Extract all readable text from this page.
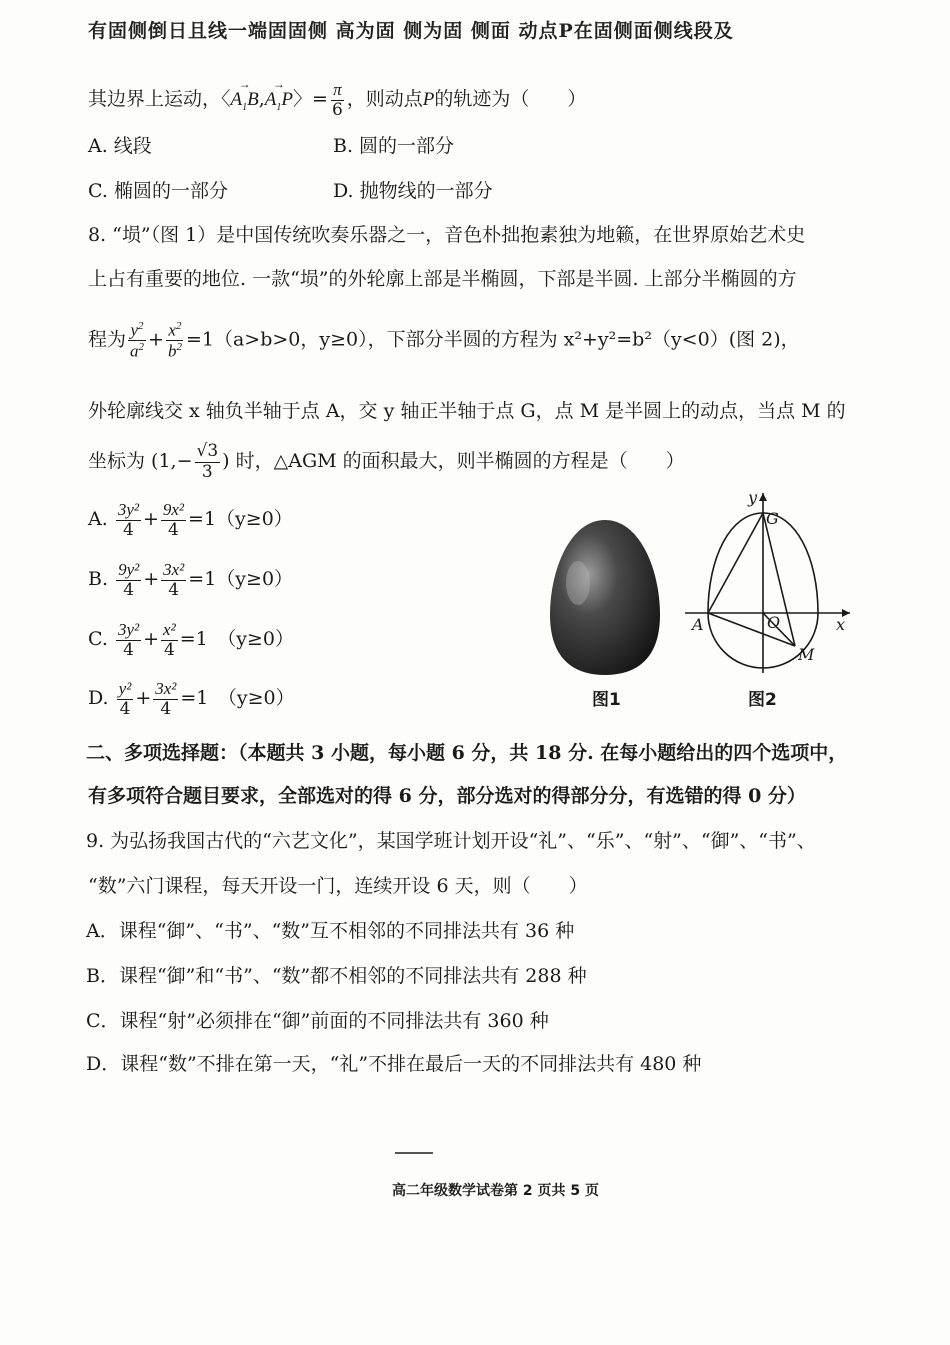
有固侧倒日且线一端固固侧 高为固 侧为固 侧面 动点P在固侧面侧线段及
其边界上运动，〈→ $A_1B,\to A_1P$〉= $\frac{\pi}{6}$ ，则动点P的轨迹为（　　）
A. 线段	B. 圆的一部分
C. 椭圆的一部分	D. 抛物线的一部分
8. “埙”（图 1）是中国传统吹奏乐器之一，音色朴拙抱素独为地籁，在世界原始艺术史
上占有重要的地位. 一款“埙”的外轮廓上部是半椭圆，下部是半圆. 上部分半椭圆的方
程为 $\frac{y^2}{a^2} + \frac{x^2}{b^2} =1(a>b>0$，y≥0），下部分半圆的方程为 x²+y²=b²（y<0）(图 2)，
外轮廓线交 x 轴负半轴于点 A，交 y 轴正半轴于点 G，点 M 是半圆上的动点，当点 M 的
坐标为 ($1,- \frac{√3}{3}$ ) 时，△AGM 的面积最大，则半椭圆的方程是（　　）
A. $\frac{\text{3y²}}{4} + \frac{\text{9x²}}{4} =1(y\ge 0)$
B. $\frac{\text{9y²}}{4} + \frac{\text{3x²}}{4} =1(y\ge 0)$
C. $\frac{\text{3y²}}{4} + \frac{\text{x²}}{4} =1$　（y≥0）
D. $\frac{\text{y²}}{4} + \frac{\text{3x²}}{4} =1$　（y≥0）	图1
y
G
A	O	x
M
图2
二、多项选择题：（本题共 3 小题，每小题 6 分，共 18 分. 在每小题给出的四个选项中，
有多项符合题目要求，全部选对的得 6 分，部分选对的得部分分，有选错的得 0 分）
9. 为弘扬我国古代的“六艺文化”，某国学班计划开设“礼”、“乐”、“射”、“御”、“书”、
“数”六门课程，每天开设一门，连续开设 6 天，则（　　）
A．课程“御”、“书”、“数”互不相邻的不同排法共有 36 种
B．课程“御”和“书”、“数”都不相邻的不同排法共有 288 种
C．课程“射”必须排在“御”前面的不同排法共有 360 种
D．课程“数”不排在第一天，“礼”不排在最后一天的不同排法共有 480 种
高二年级数学试卷第 2 页共 5 页
